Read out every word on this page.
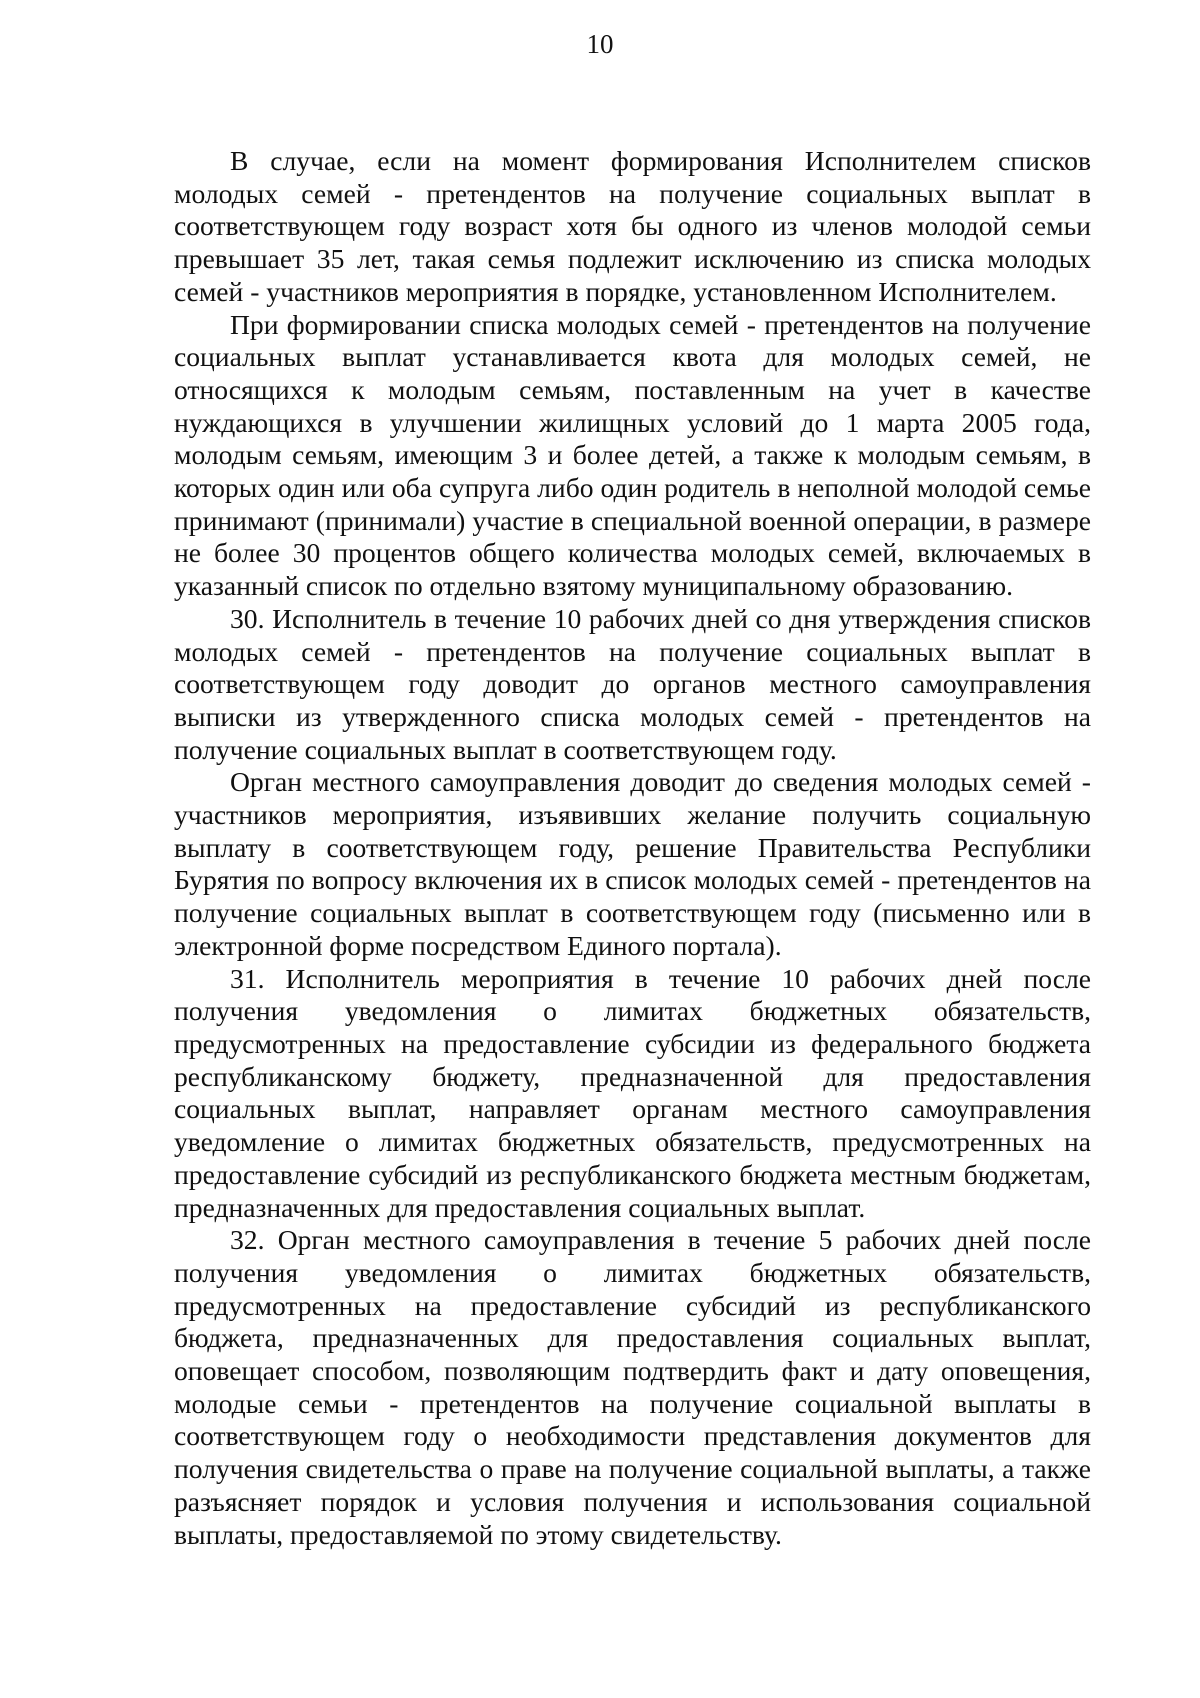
10

В случае, если на момент формирования Исполнителем списков молодых семей - претендентов на получение социальных выплат в соответствующем году возраст хотя бы одного из членов молодой семьи превышает 35 лет, такая семья подлежит исключению из списка молодых семей - участников мероприятия в порядке, установленном Исполнителем.

При формировании списка молодых семей - претендентов на получение социальных выплат устанавливается квота для молодых семей, не относящихся к молодым семьям, поставленным на учет в качестве нуждающихся в улучшении жилищных условий до 1 марта 2005 года, молодым семьям, имеющим 3 и более детей, а также к молодым семьям, в которых один или оба супруга либо один родитель в неполной молодой семье принимают (принимали) участие в специальной военной операции, в размере не более 30 процентов общего количества молодых семей, включаемых в указанный список по отдельно взятому муниципальному образованию.

30. Исполнитель в течение 10 рабочих дней со дня утверждения списков молодых семей - претендентов на получение социальных выплат в соответствующем году доводит до органов местного самоуправления выписки из утвержденного списка молодых семей - претендентов на получение социальных выплат в соответствующем году.

Орган местного самоуправления доводит до сведения молодых семей - участников мероприятия, изъявивших желание получить социальную выплату в соответствующем году, решение Правительства Республики Бурятия по вопросу включения их в список молодых семей - претендентов на получение социальных выплат в соответствующем году (письменно или в электронной форме посредством Единого портала).

31. Исполнитель мероприятия в течение 10 рабочих дней после получения уведомления о лимитах бюджетных обязательств, предусмотренных на предоставление субсидии из федерального бюджета республиканскому бюджету, предназначенной для предоставления социальных выплат, направляет органам местного самоуправления уведомление о лимитах бюджетных обязательств, предусмотренных на предоставление субсидий из республиканского бюджета местным бюджетам, предназначенных для предоставления социальных выплат.

32. Орган местного самоуправления в течение 5 рабочих дней после получения уведомления о лимитах бюджетных обязательств, предусмотренных на предоставление субсидий из республиканского бюджета, предназначенных для предоставления социальных выплат, оповещает способом, позволяющим подтвердить факт и дату оповещения, молодые семьи - претендентов на получение социальной выплаты в соответствующем году о необходимости представления документов для получения свидетельства о праве на получение социальной выплаты, а также разъясняет порядок и условия получения и использования социальной выплаты, предоставляемой по этому свидетельству.
